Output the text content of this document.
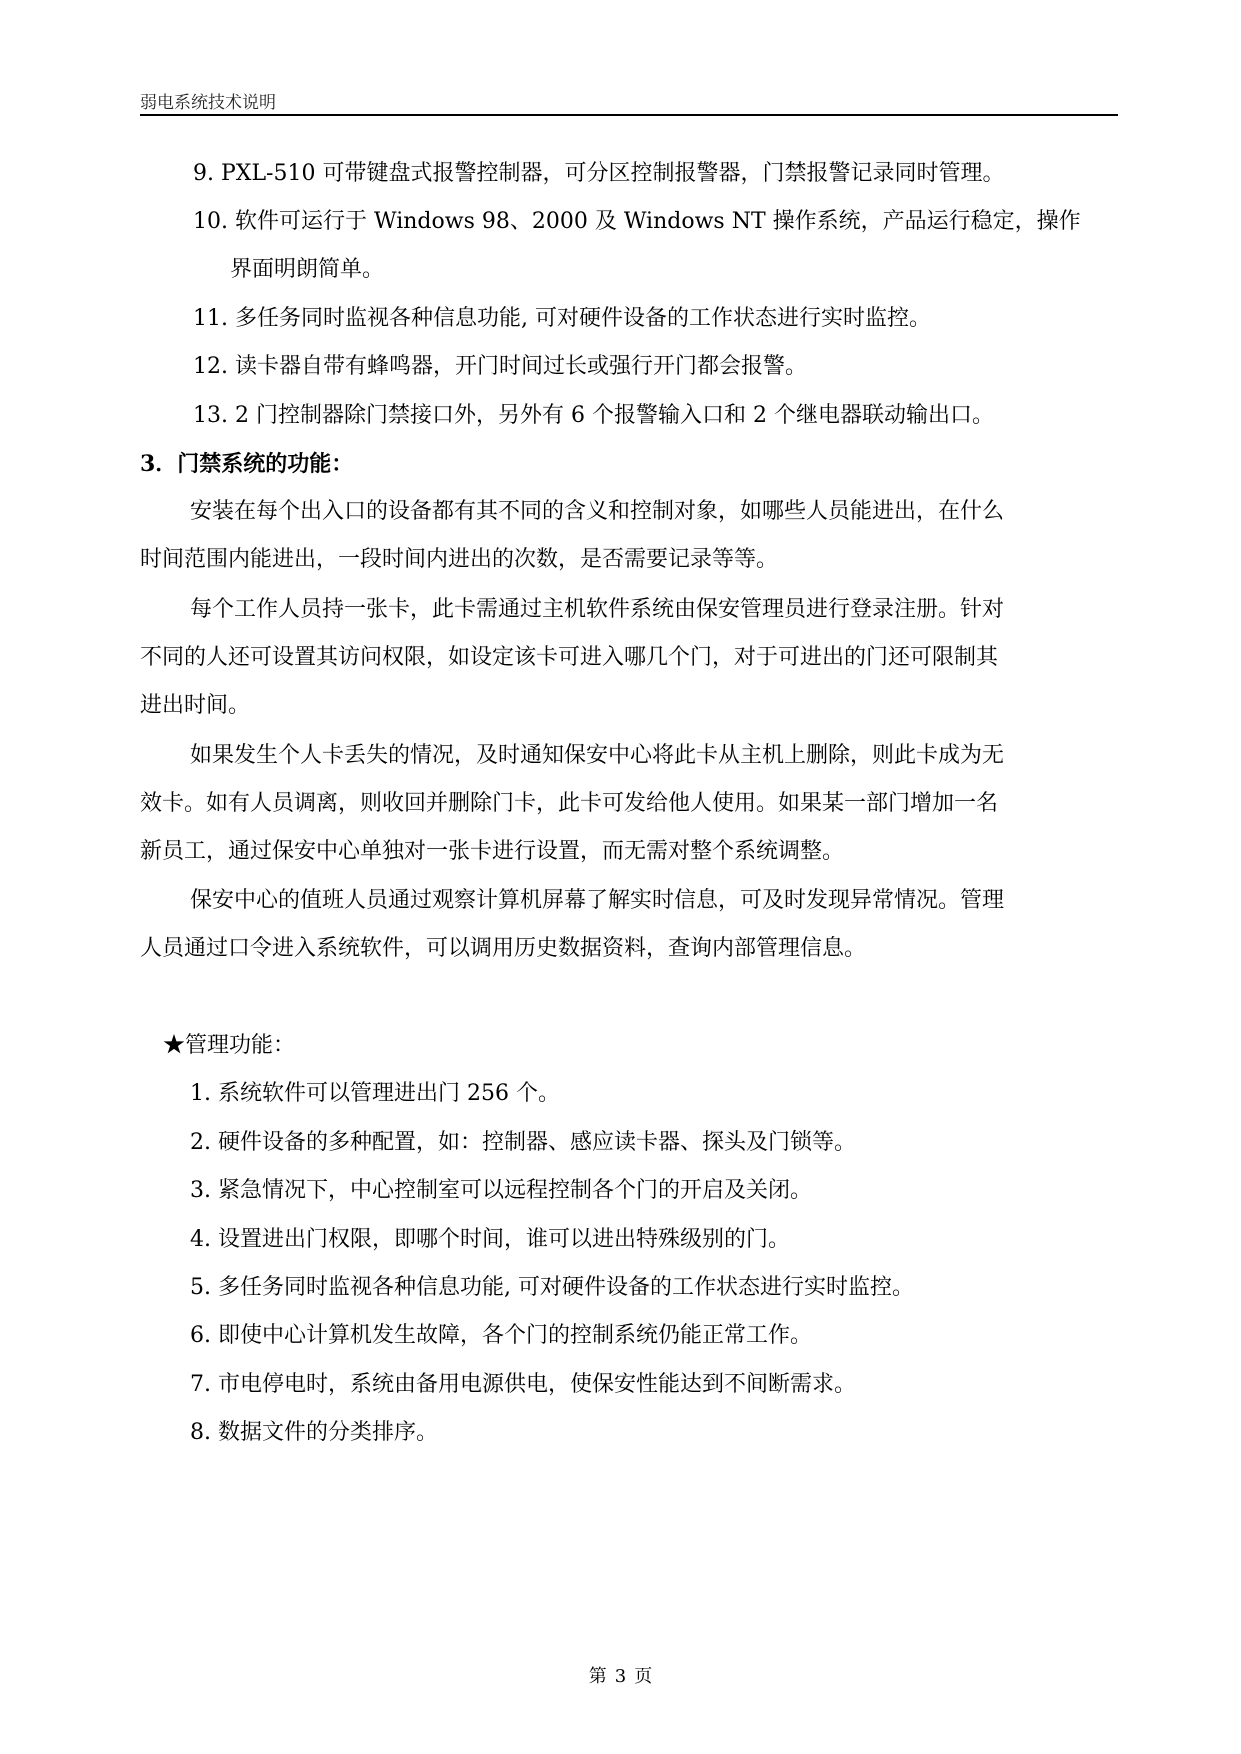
弱电系统技术说明
9. PXL-510 可带键盘式报警控制器，可分区控制报警器，门禁报警记录同时管理。
10. 软件可运行于 Windows 98、2000 及 Windows NT 操作系统，产品运行稳定，操作
界面明朗简单。
11. 多任务同时监视各种信息功能, 可对硬件设备的工作状态进行实时监控。
12. 读卡器自带有蜂鸣器，开门时间过长或强行开门都会报警。
13. 2 门控制器除门禁接口外，另外有 6 个报警输入口和 2 个继电器联动输出口。
3．门禁系统的功能：
安装在每个出入口的设备都有其不同的含义和控制对象，如哪些人员能进出，在什么
时间范围内能进出，一段时间内进出的次数，是否需要记录等等。
每个工作人员持一张卡，此卡需通过主机软件系统由保安管理员进行登录注册。针对
不同的人还可设置其访问权限，如设定该卡可进入哪几个门，对于可进出的门还可限制其
进出时间。
如果发生个人卡丢失的情况，及时通知保安中心将此卡从主机上删除，则此卡成为无
效卡。如有人员调离，则收回并删除门卡，此卡可发给他人使用。如果某一部门增加一名
新员工，通过保安中心单独对一张卡进行设置，而无需对整个系统调整。
保安中心的值班人员通过观察计算机屏幕了解实时信息，可及时发现异常情况。管理
人员通过口令进入系统软件，可以调用历史数据资料，查询内部管理信息。
★管理功能：
1. 系统软件可以管理进出门 256 个。
2. 硬件设备的多种配置，如：控制器、感应读卡器、探头及门锁等。
3. 紧急情况下，中心控制室可以远程控制各个门的开启及关闭。
4. 设置进出门权限，即哪个时间，谁可以进出特殊级别的门。
5. 多任务同时监视各种信息功能, 可对硬件设备的工作状态进行实时监控。
6. 即使中心计算机发生故障，各个门的控制系统仍能正常工作。
7. 市电停电时，系统由备用电源供电，使保安性能达到不间断需求。
8. 数据文件的分类排序。
第 3 页
